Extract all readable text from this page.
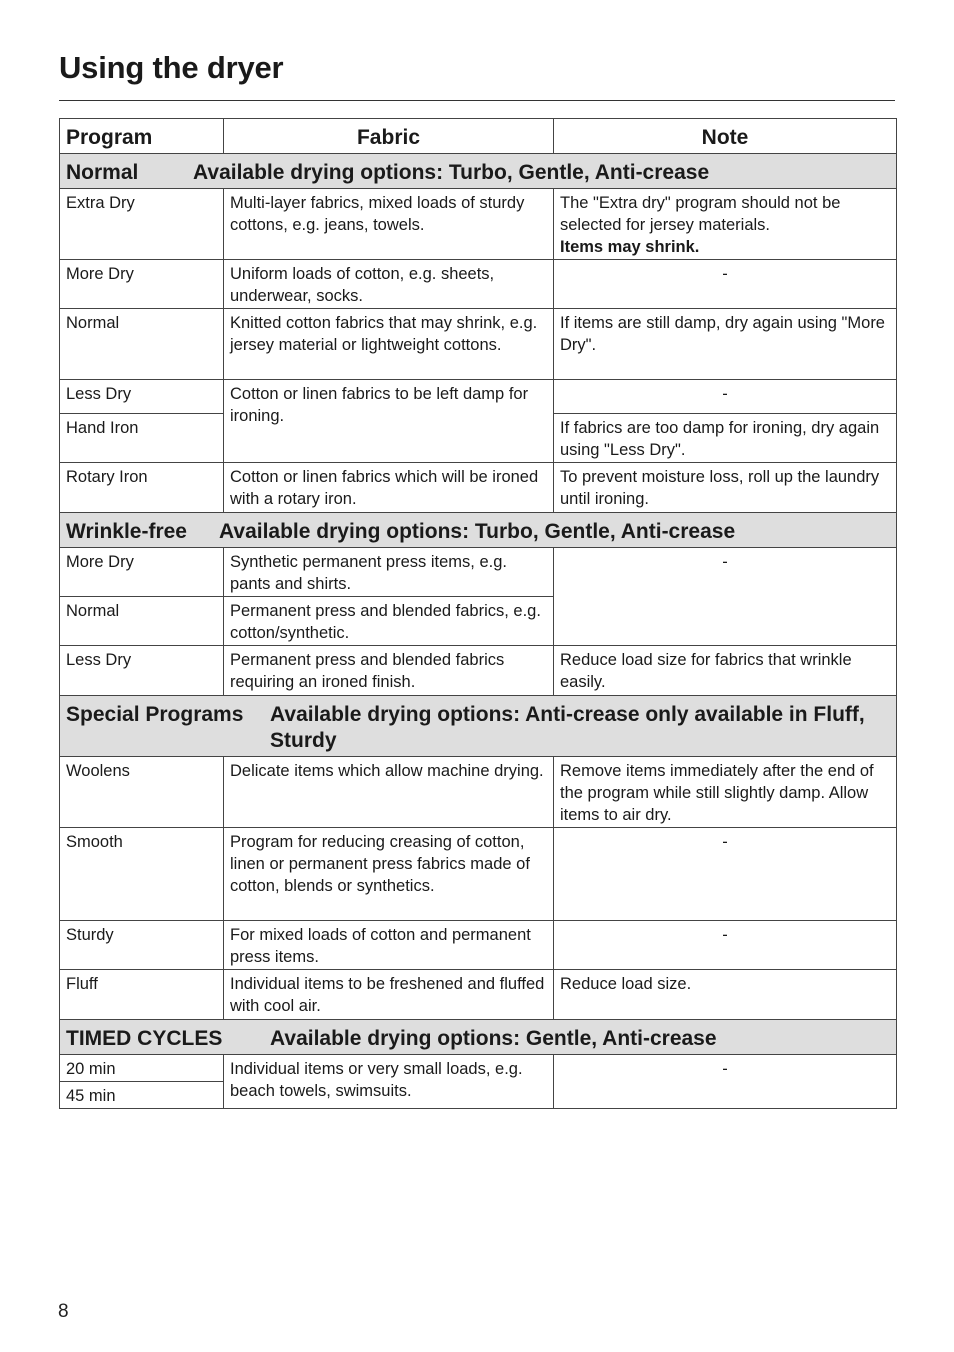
Using the dryer
Program	Fabric	Note
Normal Available drying options: Turbo, Gentle, Anti-crease		
Extra Dry	Multi-layer fabrics, mixed loads of sturdy cottons, e.g. jeans, towels.	The "Extra dry" program should not be selected for jersey materials.
Items may shrink.
More Dry	Uniform loads of cotton, e.g. sheets, underwear, socks.	-
Normal	Knitted cotton fabrics that may shrink, e.g. jersey material or lightweight cottons.	If items are still damp, dry again using "More Dry".
Less Dry	Cotton or linen fabrics to be left damp for ironing.	-
Hand Iron		If fabrics are too damp for ironing, dry again using "Less Dry".
Rotary Iron	Cotton or linen fabrics which will be ironed with a rotary iron.	To prevent moisture loss, roll up the laundry until ironing.
Wrinkle-free Available drying options: Turbo, Gentle, Anti-crease		
More Dry	Synthetic permanent press items, e.g. pants and shirts.	-
Normal	Permanent press and blended fabrics, e.g. cotton/synthetic.	
Less Dry	Permanent press and blended fabrics requiring an ironed finish.	Reduce load size for fabrics that wrinkle easily.

Special Programs Available drying options: Anti-crease only available in Fluff, Sturdy		

Woolens	Delicate items which allow machine drying.	Remove items immediately after the end of the program while still slightly damp. Allow items to air dry.
Smooth	Program for reducing creasing of cotton, linen or permanent press fabrics made of cotton, blends or synthetics.	-
Sturdy	For mixed loads of cotton and permanent press items.	-
Fluff	Individual items to be freshened and fluffed with cool air.	Reduce load size.

TIMED CYCLES Available drying options: Gentle, Anti-crease		

20 min	Individual items or very small loads, e.g. beach towels, swimsuits.	-
45 min		
8
